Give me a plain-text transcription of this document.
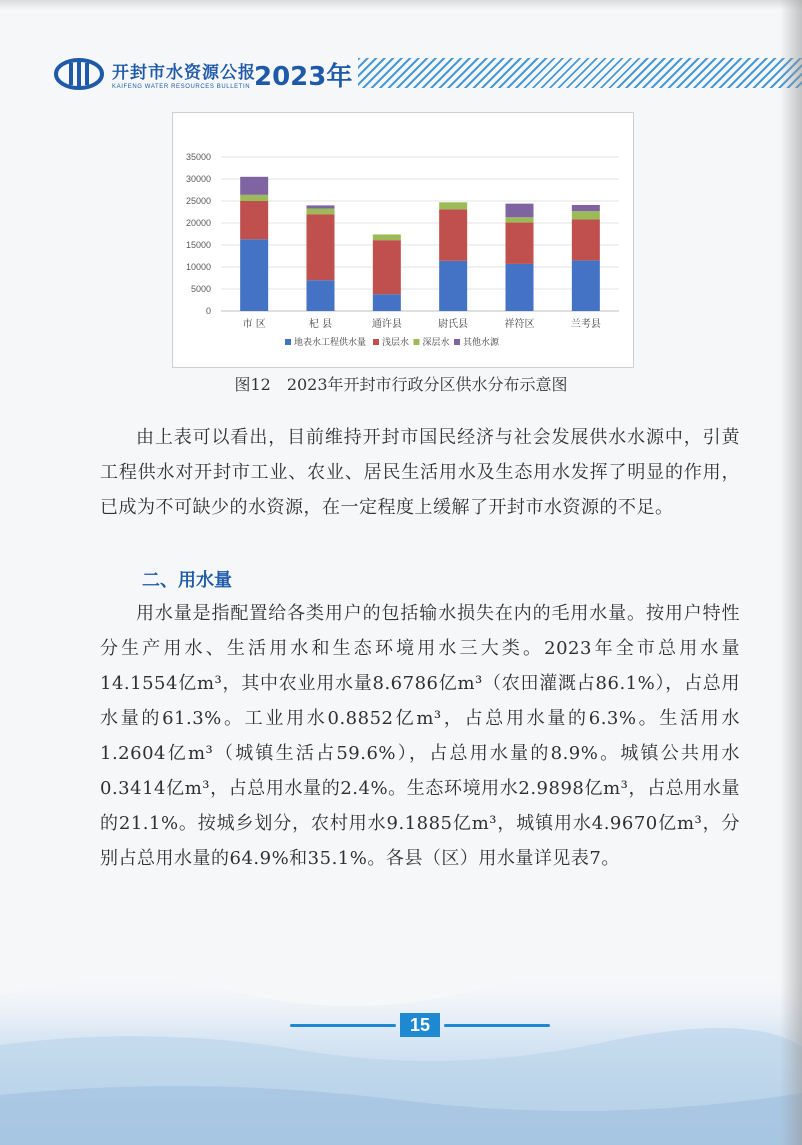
开封市水资源公报
KAIFENG WATER RESOURCES BULLETIN 2023年
0
5000
10000
15000
20000
25000
30000
35000
市 区	杞 县	通许县	尉氏县	祥符区	兰考县
地表水工程供水量 浅层水 深层水 其他水源
图12　2023年开封市行政分区供水分布示意图

由上表可以看出，目前维持开封市国民经济与社会发展供水水源中，引黄工程供水对开封市工业、农业、居民生活用水及生态用水发挥了明显的作用，已成为不可缺少的水资源，在一定程度上缓解了开封市水资源的不足。

二、用水量

用水量是指配置给各类用户的包括输水损失在内的毛用水量。按用户特性分生产用水、生活用水和生态环境用水三大类。2023年全市总用水量14.1554亿m³，其中农业用水量8.6786亿m³（农田灌溉占86.1%），占总用水量的61.3%。工业用水0.8852亿m³，占总用水量的6.3%。生活用水1.2604亿m³（城镇生活占59.6%），占总用水量的8.9%。城镇公共用水0.3414亿m³，占总用水量的2.4%。生态环境用水2.9898亿m³，占总用水量的21.1%。按城乡划分，农村用水9.1885亿m³，城镇用水4.9670亿m³，分别占总用水量的64.9%和35.1%。各县（区）用水量详见表7。

15
